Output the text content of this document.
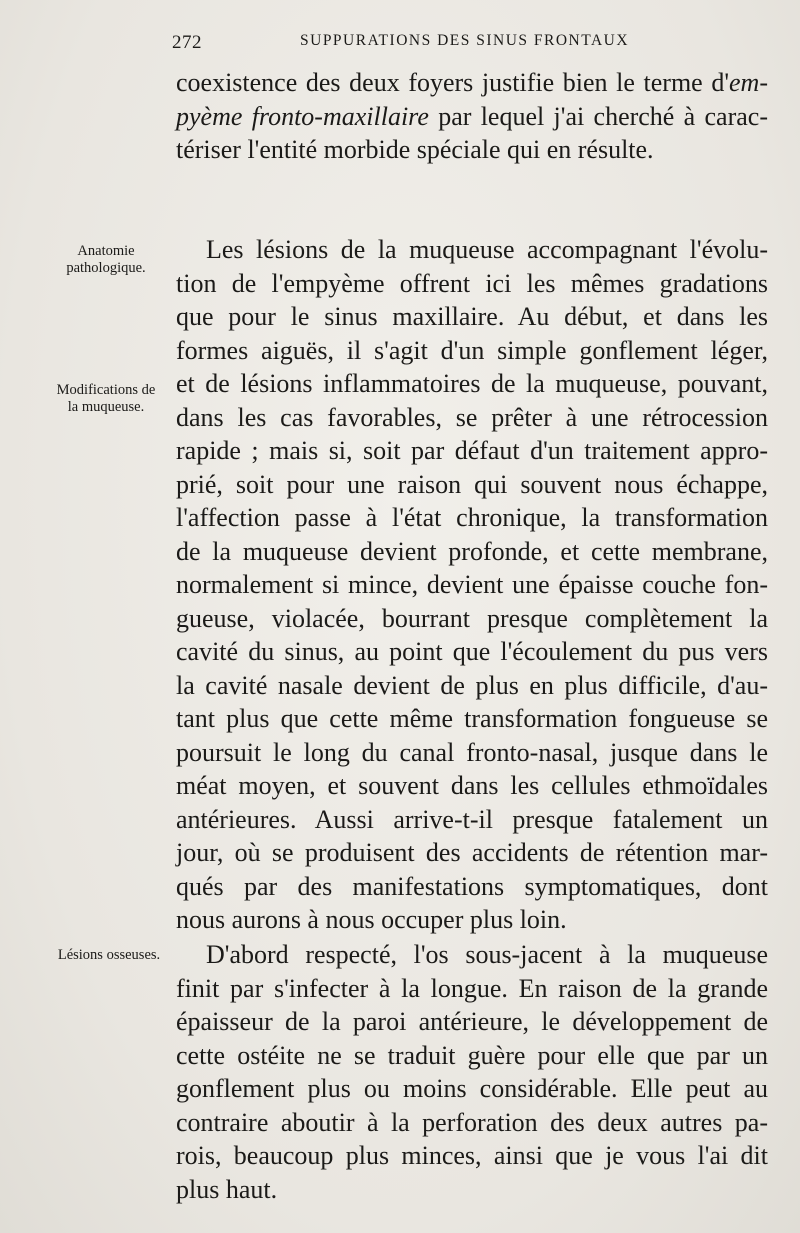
272	SUPPURATIONS DES SINUS FRONTAUX
coexistence des deux foyers justifie bien le terme d'em-
pyème fronto-maxillaire par lequel j'ai cherché à carac-
tériser l'entité morbide spéciale qui en résulte.
Anatomie
pathologique.
Modifications de
la muqueuse.
Lésions osseuses.
Les lésions de la muqueuse accompagnant l'évolu-
tion de l'empyème offrent ici les mêmes gradations
que pour le sinus maxillaire. Au début, et dans les
formes aiguës, il s'agit d'un simple gonflement léger,
et de lésions inflammatoires de la muqueuse, pouvant,
dans les cas favorables, se prêter à une rétrocession
rapide ; mais si, soit par défaut d'un traitement appro-
prié, soit pour une raison qui souvent nous échappe,
l'affection passe à l'état chronique, la transformation
de la muqueuse devient profonde, et cette membrane,
normalement si mince, devient une épaisse couche fon-
gueuse, violacée, bourrant presque complètement la
cavité du sinus, au point que l'écoulement du pus vers
la cavité nasale devient de plus en plus difficile, d'au-
tant plus que cette même transformation fongueuse se
poursuit le long du canal fronto-nasal, jusque dans le
méat moyen, et souvent dans les cellules ethmoïdales
antérieures. Aussi arrive-t-il presque fatalement un
jour, où se produisent des accidents de rétention mar-
qués par des manifestations symptomatiques, dont
nous aurons à nous occuper plus loin.
D'abord respecté, l'os sous-jacent à la muqueuse
finit par s'infecter à la longue. En raison de la grande
épaisseur de la paroi antérieure, le développement de
cette ostéite ne se traduit guère pour elle que par un
gonflement plus ou moins considérable. Elle peut au
contraire aboutir à la perforation des deux autres pa-
rois, beaucoup plus minces, ainsi que je vous l'ai dit
plus haut.
